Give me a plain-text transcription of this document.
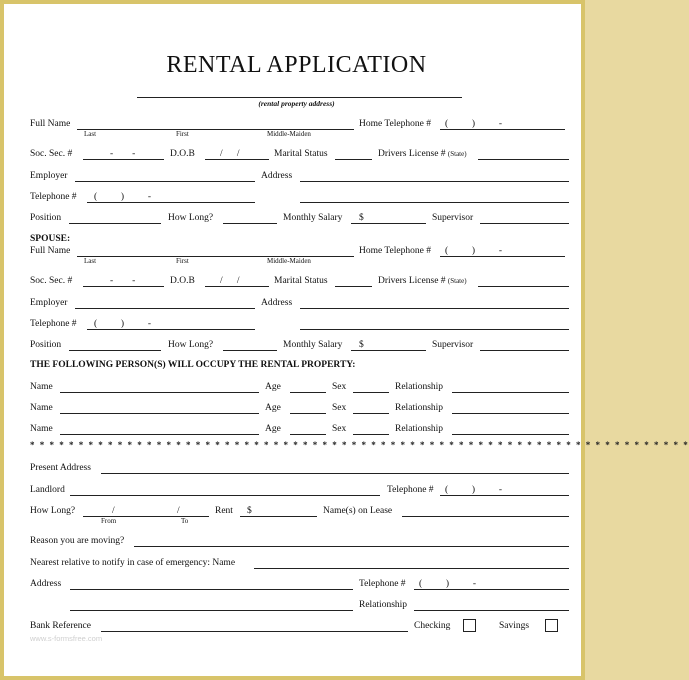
RENTAL APPLICATION
(rental property address)
Full Name
Last	First	Middle-Maiden
Home Telephone # (          )          -
Soc. Sec. #	-        -	D.O.B	/      /	Marital Status	Drivers License # (State)
Employer	Address
Telephone # (          )          -
Position	How Long?	Monthly Salary $	Supervisor
SPOUSE:
Full Name
Last	First	Middle-Maiden
Home Telephone # (          )          -
Soc. Sec. #	-        -	D.O.B	/      /	Marital Status	Drivers License # (State)
Employer	Address
Telephone # (          )          -
Position	How Long?	Monthly Salary $	Supervisor
THE FOLLOWING PERSON(S) WILL OCCUPY THE RENTAL PROPERTY:
Name	Age	Sex	Relationship
Name	Age	Sex	Relationship
Name	Age	Sex	Relationship
* * * * * * * * * * * * * * * * * * * * * * * * * * * * * * * * * * * * * * * * * * * * * * * * * * * * * * * * * * * * * * * * * * * *
Present Address
Landlord	Telephone # (          )          -
How Long?	/	/
From	To
Rent $	Name(s) on Lease
Reason you are moving?
Nearest relative to notify in case of emergency: Name
Address	Telephone # (          )          -
Relationship
Bank Reference	Checking	Savings
www.s-formsfree.com
